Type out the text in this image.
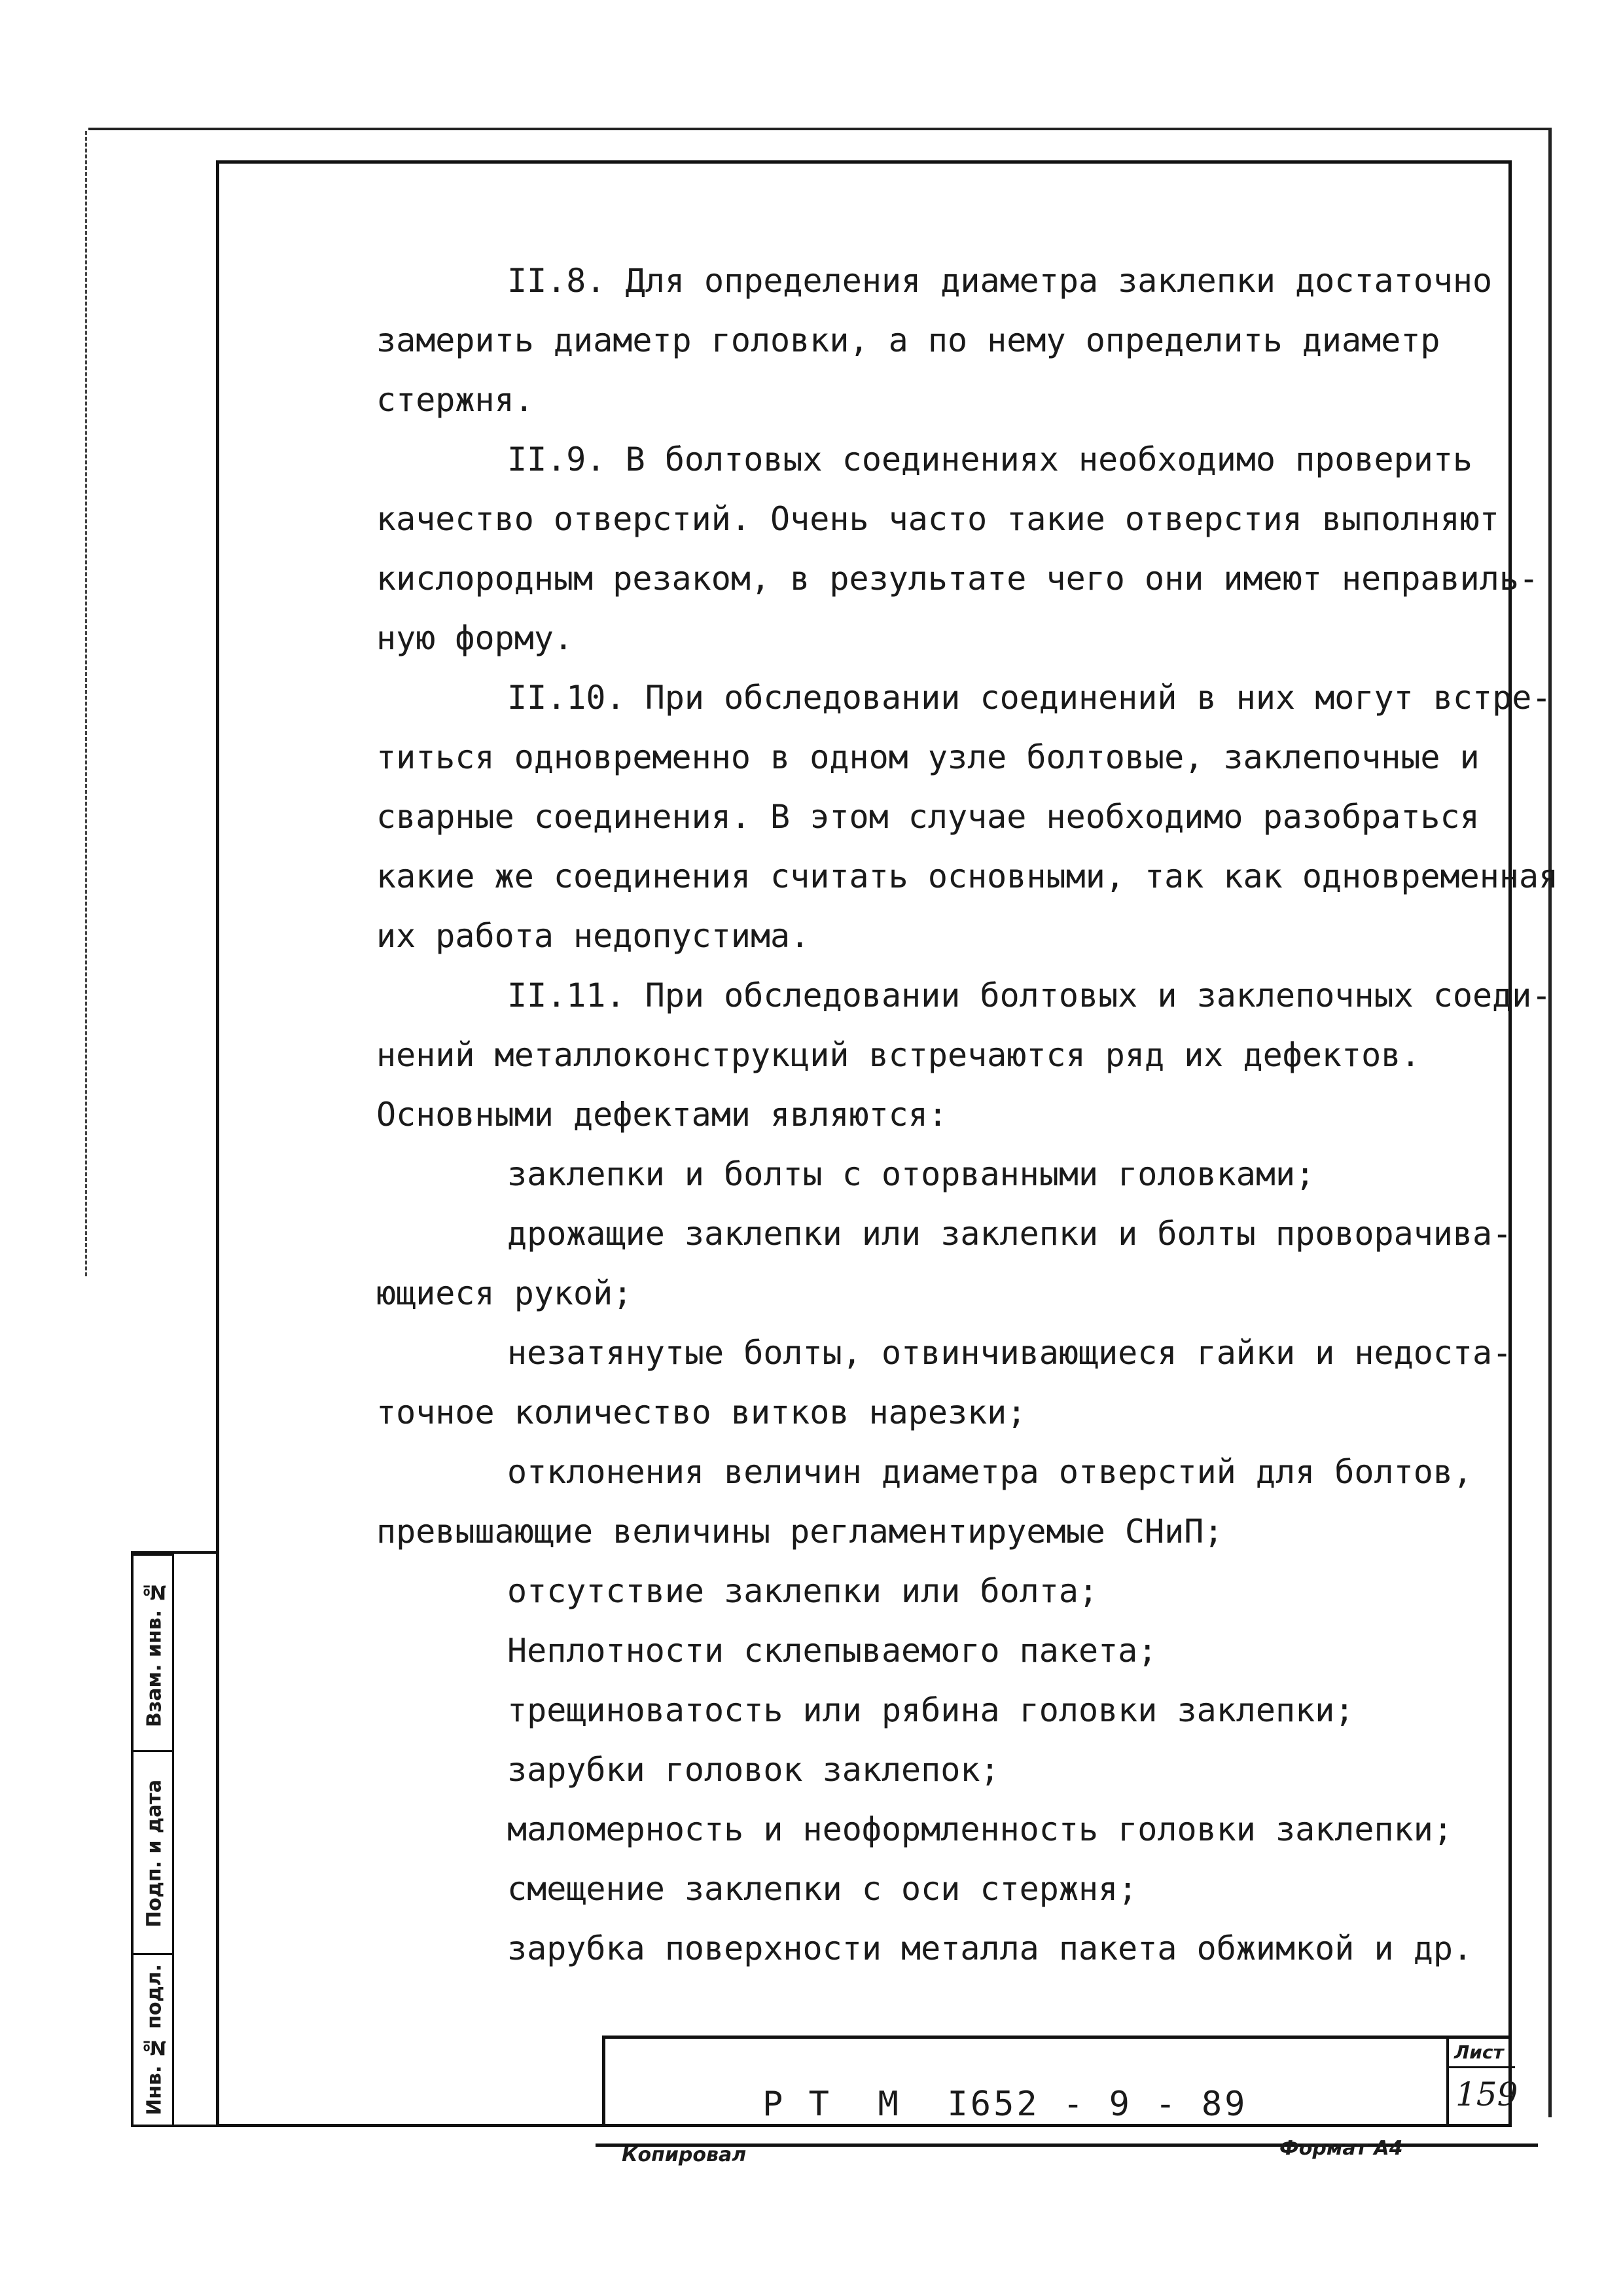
Взам. инв. №
Подп. и дата
Инв. № подл.
II.8. Для определения диаметра заклепки достаточно
замерить диаметр головки, а по нему определить диаметр
стержня.
II.9. В болтовых соединениях необходимо проверить
качество отверстий. Очень часто такие отверстия выполняют
кислородным резаком, в результате чего они имеют неправиль-
ную форму.
II.10. При обследовании соединений в них могут встре-
титься одновременно в одном узле болтовые, заклепочные и
сварные соединения. В этом случае необходимо разобраться
какие же соединения считать основными, так как одновременная
их работа недопустима.
II.11. При обследовании болтовых и заклепочных соеди-
нений металлоконструкций встречаются ряд их дефектов.
Основными дефектами являются:
заклепки и болты с оторванными головками;
дрожащие заклепки или заклепки и болты проворачива-
ющиеся рукой;
незатянутые болты, отвинчивающиеся гайки и недоста-
точное количество витков нарезки;
отклонения величин диаметра отверстий для болтов,
превышающие величины регламентируемые СНиП;
отсутствие заклепки или болта;
Неплотности склепываемого пакета;
трещиноватость или рябина головки заклепки;
зарубки головок заклепок;
маломерность и неоформленность головки заклепки;
смещение заклепки с оси стержня;
зарубка поверхности металла пакета обжимкой и др.
Р Т  М  I652 - 9 - 89
Лист
159
Копировал	Формат А4
